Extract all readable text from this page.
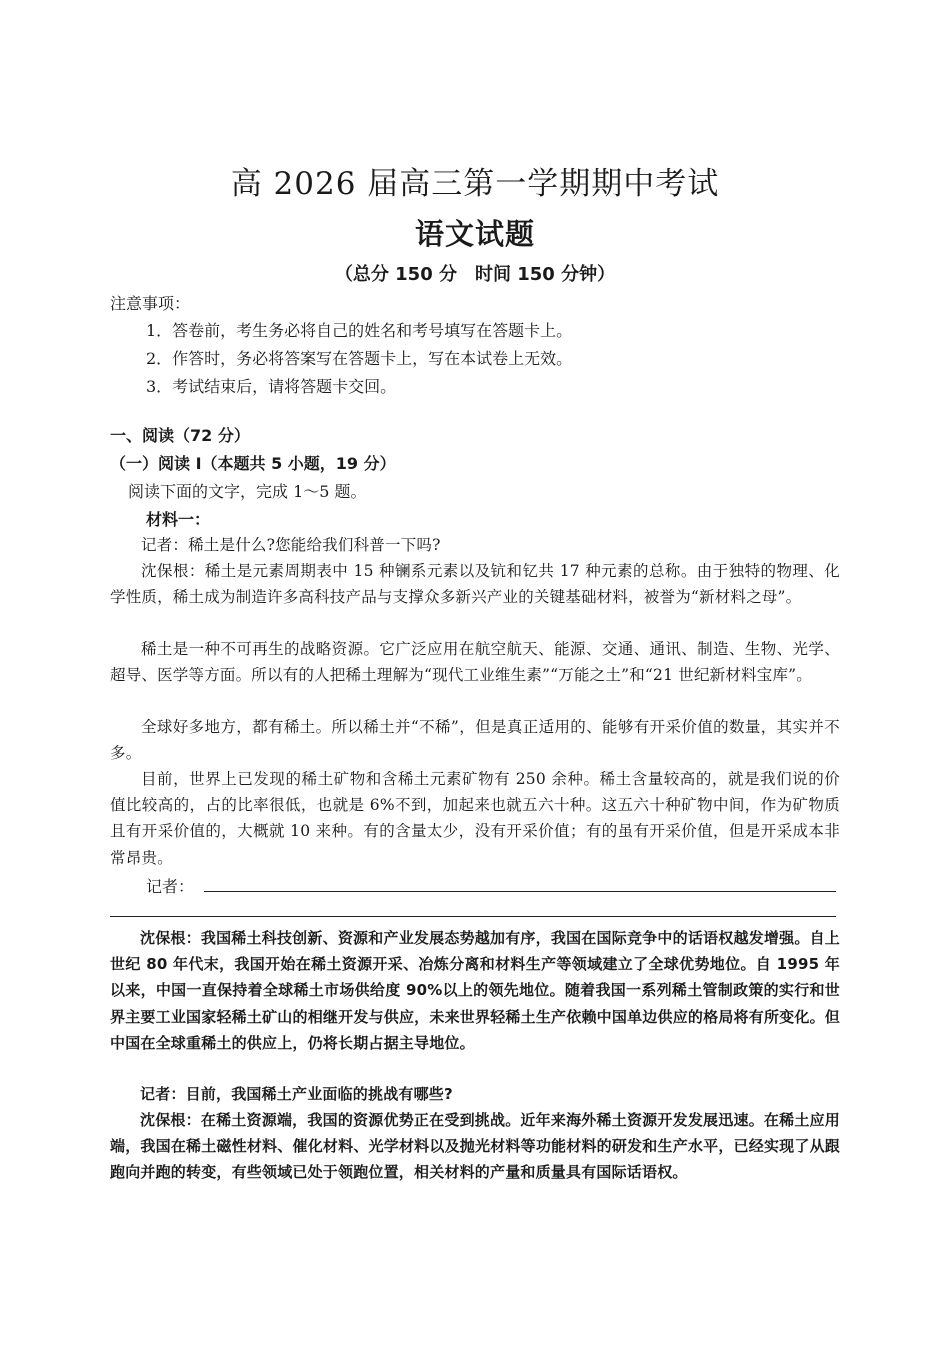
高 2026 届高三第一学期期中考试
语文试题
（总分 150 分　时间 150 分钟）
注意事项：
1．答卷前，考生务必将自己的姓名和考号填写在答题卡上。
2．作答时，务必将答案写在答题卡上，写在本试卷上无效。
3．考试结束后，请将答题卡交回。
一、阅读（72 分）
（一）阅读 Ⅰ（本题共 5 小题，19 分）
阅读下面的文字，完成 1～5 题。
材料一：
记者：稀土是什么?您能给我们科普一下吗?
沈保根：稀土是元素周期表中 15 种镧系元素以及钪和钇共 17 种元素的总称。由于独特的物理、化学性质，稀土成为制造许多高科技产品与支撑众多新兴产业的关键基础材料，被誉为“新材料之母”。
稀土是一种不可再生的战略资源。它广泛应用在航空航天、能源、交通、通讯、制造、生物、光学、超导、医学等方面。所以有的人把稀土理解为“现代工业维生素”“万能之土”和“21 世纪新材料宝库”。
全球好多地方，都有稀土。所以稀土并“不稀”，但是真正适用的、能够有开采价值的数量，其实并不多。
目前，世界上已发现的稀土矿物和含稀土元素矿物有 250 余种。稀土含量较高的，就是我们说的价值比较高的，占的比率很低，也就是 6%不到，加起来也就五六十种。这五六十种矿物中间，作为矿物质且有开采价值的，大概就 10 来种。有的含量太少，没有开采价值；有的虽有开采价值，但是开采成本非常昂贵。
记者：
沈保根：我国稀土科技创新、资源和产业发展态势越加有序，我国在国际竞争中的话语权越发增强。自上世纪 80 年代末，我国开始在稀土资源开采、冶炼分离和材料生产等领域建立了全球优势地位。自 1995 年以来，中国一直保持着全球稀土市场供给度 90%以上的领先地位。随着我国一系列稀土管制政策的实行和世界主要工业国家轻稀土矿山的相继开发与供应，未来世界轻稀土生产依赖中国单边供应的格局将有所变化。但中国在全球重稀土的供应上，仍将长期占据主导地位。
记者：目前，我国稀土产业面临的挑战有哪些?
沈保根：在稀土资源端，我国的资源优势正在受到挑战。近年来海外稀土资源开发发展迅速。在稀土应用端，我国在稀土磁性材料、催化材料、光学材料以及抛光材料等功能材料的研发和生产水平，已经实现了从跟跑向并跑的转变，有些领域已处于领跑位置，相关材料的产量和质量具有国际话语权。
